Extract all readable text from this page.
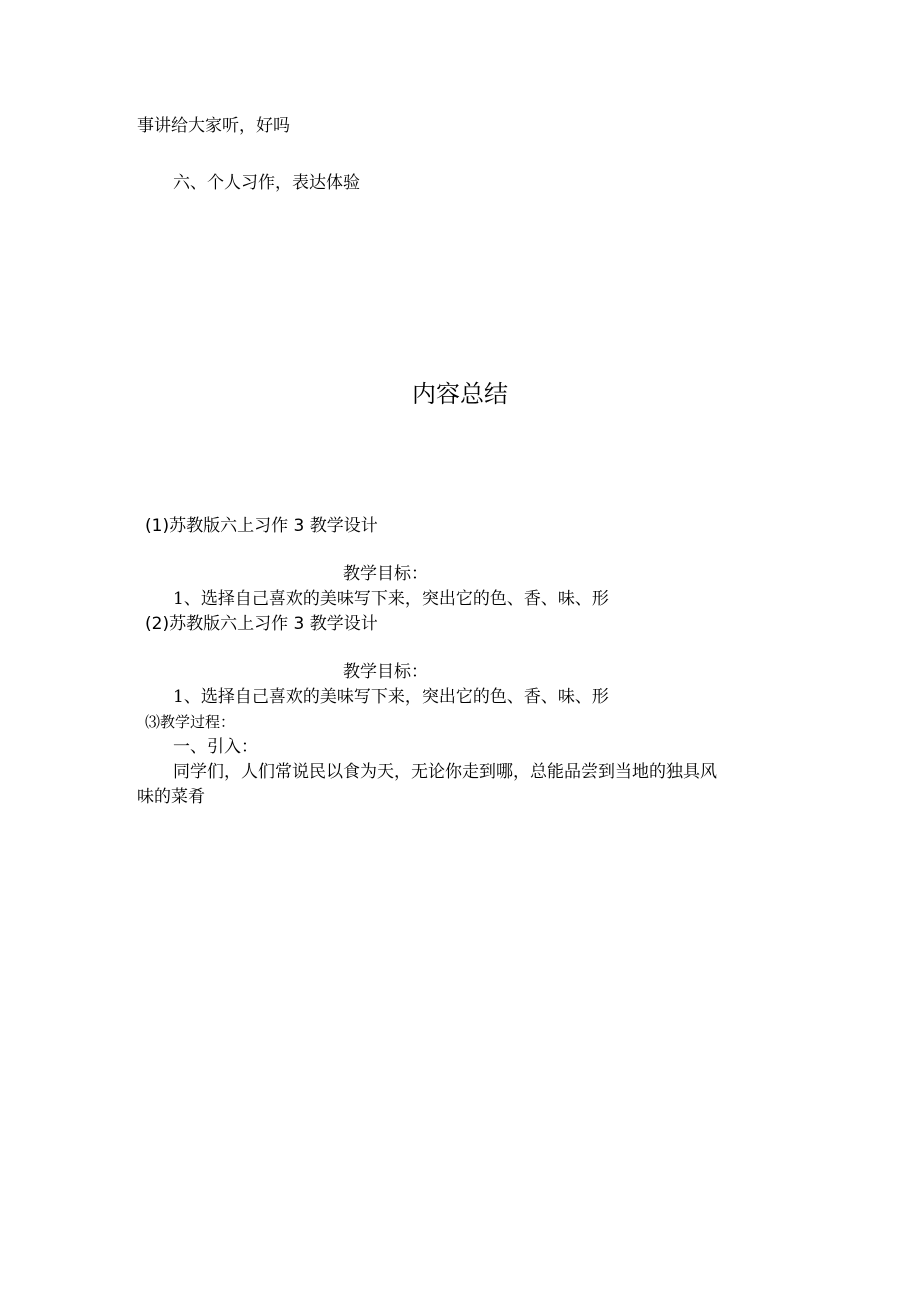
事讲给大家听，好吗
六、个人习作，表达体验
内容总结
(1)苏教版六上习作 3 教学设计
教学目标：
1、选择自己喜欢的美味写下来，突出它的色、香、味、形
(2)苏教版六上习作 3 教学设计
教学目标：
1、选择自己喜欢的美味写下来，突出它的色、香、味、形
⑶教学过程：
一、引入：
同学们，人们常说民以食为天，无论你走到哪，总能品尝到当地的独具风
味的菜肴
